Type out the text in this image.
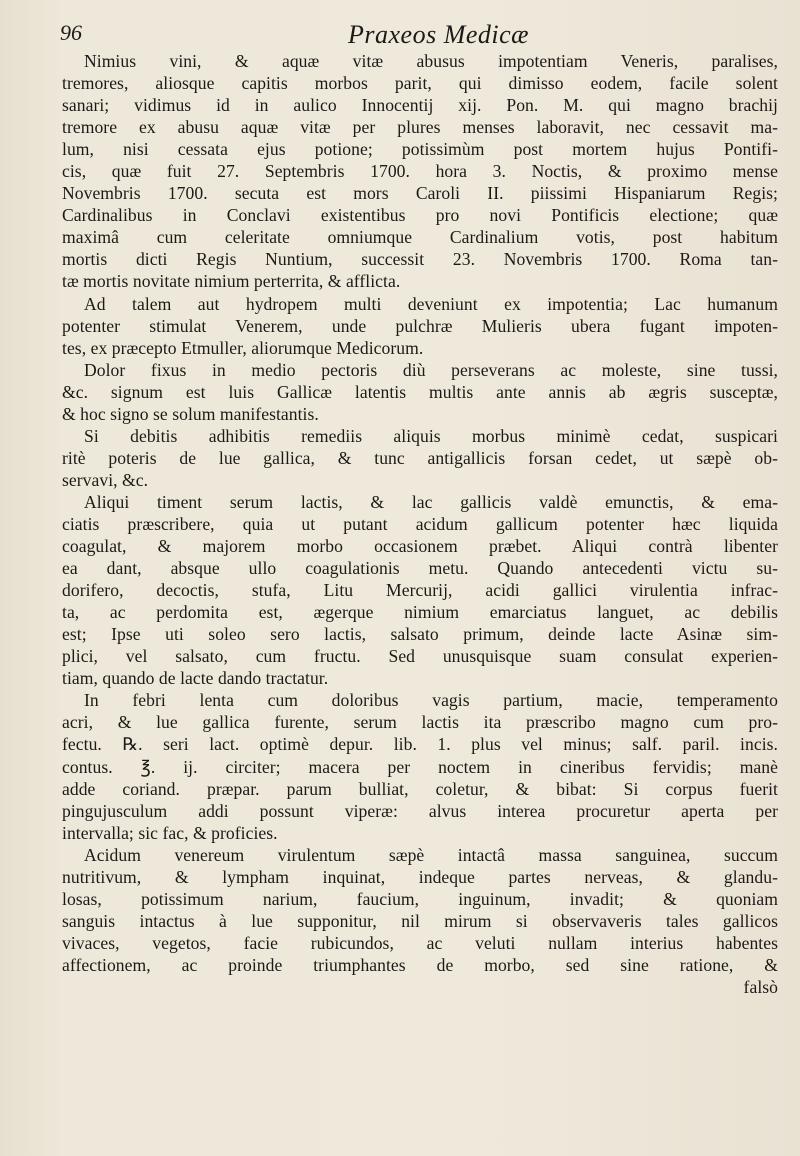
96	Praxeos Medicæ
Nimius vini, & aquæ vitæ abusus impotentiam Veneris, paralises,
tremores, aliosque capitis morbos parit, qui dimisso eodem, facile solent
sanari; vidimus id in aulico Innocentij xij. Pon. M. qui magno brachij
tremore ex abusu aquæ vitæ per plures menses laboravit, nec cessavit ma-
lum, nisi cessata ejus potione; potissimùm post mortem hujus Pontifi-
cis, quæ fuit 27. Septembris 1700. hora 3. Noctis, & proximo mense
Novembris 1700. secuta est mors Caroli II. piissimi Hispaniarum Regis;
Cardinalibus in Conclavi existentibus pro novi Pontificis electione; quæ
maximâ cum celeritate omniumque Cardinalium votis, post habitum
mortis dicti Regis Nuntium, successit 23. Novembris 1700. Roma tan-
tæ mortis novitate nimium perterrita, & afflicta.
Ad talem aut hydropem multi deveniunt ex impotentia; Lac humanum
potenter stimulat Venerem, unde pulchræ Mulieris ubera fugant impoten-
tes, ex præcepto Etmuller, aliorumque Medicorum.
Dolor fixus in medio pectoris diù perseverans ac moleste, sine tussi,
&c. signum est luis Gallicæ latentis multis ante annis ab ægris susceptæ,
& hoc signo se solum manifestantis.
Si debitis adhibitis remediis aliquis morbus minimè cedat, suspicari
ritè poteris de lue gallica, & tunc antigallicis forsan cedet, ut sæpè ob-
servavi, &c.
Aliqui timent serum lactis, & lac gallicis valdè emunctis, & ema-
ciatis præscribere, quia ut putant acidum gallicum potenter hæc liquida
coagulat, & majorem morbo occasionem præbet. Aliqui contrà libenter
ea dant, absque ullo coagulationis metu. Quando antecedenti victu su-
dorifero, decoctis, stufa, Litu Mercurij, acidi gallici virulentia infrac-
ta, ac perdomita est, ægerque nimium emarciatus languet, ac debilis
est; Ipse uti soleo sero lactis, salsato primum, deinde lacte Asinæ sim-
plici, vel salsato, cum fructu. Sed unusquisque suam consulat experien-
tiam, quando de lacte dando tractatur.
In febri lenta cum doloribus vagis partium, macie, temperamento
acri, & lue gallica furente, serum lactis ita præscribo magno cum pro-
fectu. ℞. seri lact. optimè depur. lib. 1. plus vel minus; salf. paril. incis.
contus. ℥. ij. circiter; macera per noctem in cineribus fervidis; manè
adde coriand. præpar. parum bulliat, coletur, & bibat: Si corpus fuerit
pingujusculum addi possunt viperæ: alvus interea procuretur aperta per
intervalla; sic fac, & proficies.
Acidum venereum virulentum sæpè intactâ massa sanguinea, succum
nutritivum, & lympham inquinat, indeque partes nerveas, & glandu-
losas, potissimum narium, faucium, inguinum, invadit; & quoniam
sanguis intactus à lue supponitur, nil mirum si observaveris tales gallicos
vivaces, vegetos, facie rubicundos, ac veluti nullam interius habentes
affectionem, ac proinde triumphantes de morbo, sed sine ratione, &
falsò
